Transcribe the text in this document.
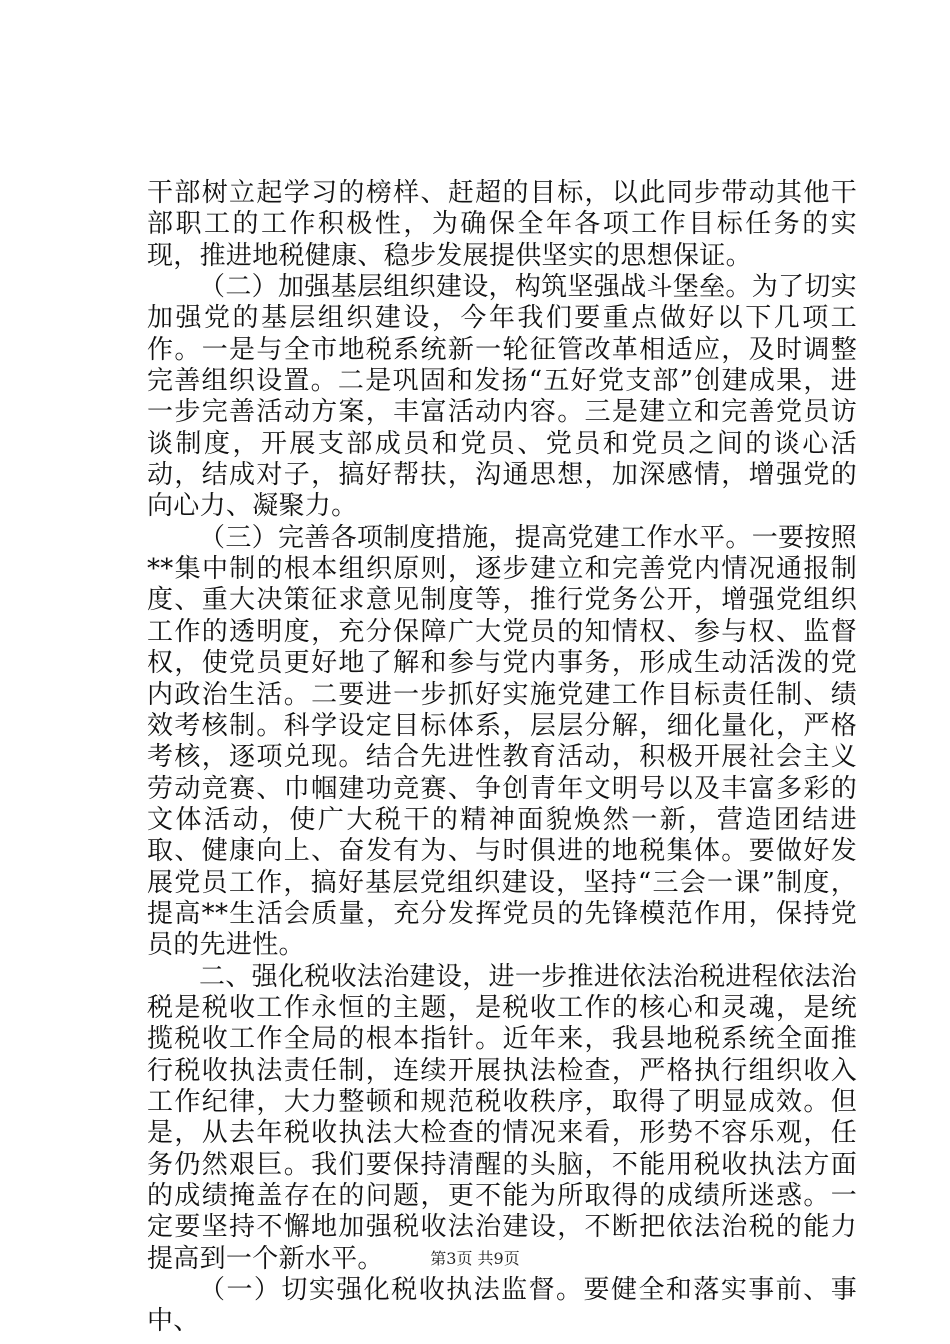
干部树立起学习的榜样、赶超的目标，以此同步带动其他干部职工的工作积极性，为确保全年各项工作目标任务的实现，推进地税健康、稳步发展提供坚实的思想保证。

（二）加强基层组织建设，构筑坚强战斗堡垒。为了切实加强党的基层组织建设，今年我们要重点做好以下几项工作。一是与全市地税系统新一轮征管改革相适应，及时调整完善组织设置。二是巩固和发扬“五好党支部”创建成果，进一步完善活动方案，丰富活动内容。三是建立和完善党员访谈制度，开展支部成员和党员、党员和党员之间的谈心活动，结成对子，搞好帮扶，沟通思想，加深感情，增强党的向心力、凝聚力。

（三）完善各项制度措施，提高党建工作水平。一要按照**集中制的根本组织原则，逐步建立和完善党内情况通报制度、重大决策征求意见制度等，推行党务公开，增强党组织工作的透明度，充分保障广大党员的知情权、参与权、监督权，使党员更好地了解和参与党内事务，形成生动活泼的党内政治生活。二要进一步抓好实施党建工作目标责任制、绩效考核制。科学设定目标体系，层层分解，细化量化，严格考核，逐项兑现。结合先进性教育活动，积极开展社会主义劳动竞赛、巾帼建功竞赛、争创青年文明号以及丰富多彩的文体活动，使广大税干的精神面貌焕然一新，营造团结进取、健康向上、奋发有为、与时俱进的地税集体。要做好发展党员工作，搞好基层党组织建设，坚持“三会一课”制度，提高**生活会质量，充分发挥党员的先锋模范作用，保持党员的先进性。

二、强化税收法治建设，进一步推进依法治税进程依法治税是税收工作永恒的主题，是税收工作的核心和灵魂，是统揽税收工作全局的根本指针。近年来，我县地税系统全面推行税收执法责任制，连续开展执法检查，严格执行组织收入工作纪律，大力整顿和规范税收秩序，取得了明显成效。但是，从去年税收执法大检查的情况来看，形势不容乐观，任务仍然艰巨。我们要保持清醒的头脑，不能用税收执法方面的成绩掩盖存在的问题，更不能为所取得的成绩所迷惑。一定要坚持不懈地加强税收法治建设，不断把依法治税的能力提高到一个新水平。

（一）切实强化税收执法监督。要健全和落实事前、事中、

第3页 共9页
